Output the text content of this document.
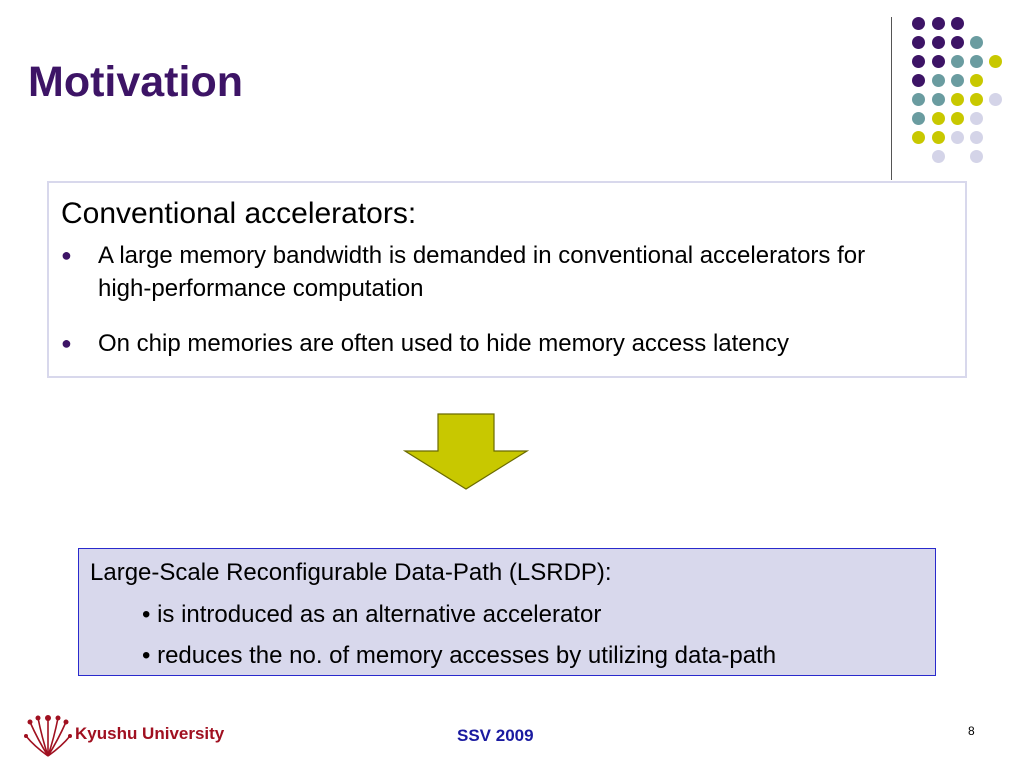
Motivation
Conventional accelerators:
● A large memory bandwidth is demanded in conventional accelerators for high-performance computation
● On chip memories are often used to hide memory access latency
Large-Scale Reconfigurable Data-Path (LSRDP):
• is introduced as an alternative accelerator
• reduces the no. of memory accesses by utilizing data-path
Kyushu University	SSV 2009	8
